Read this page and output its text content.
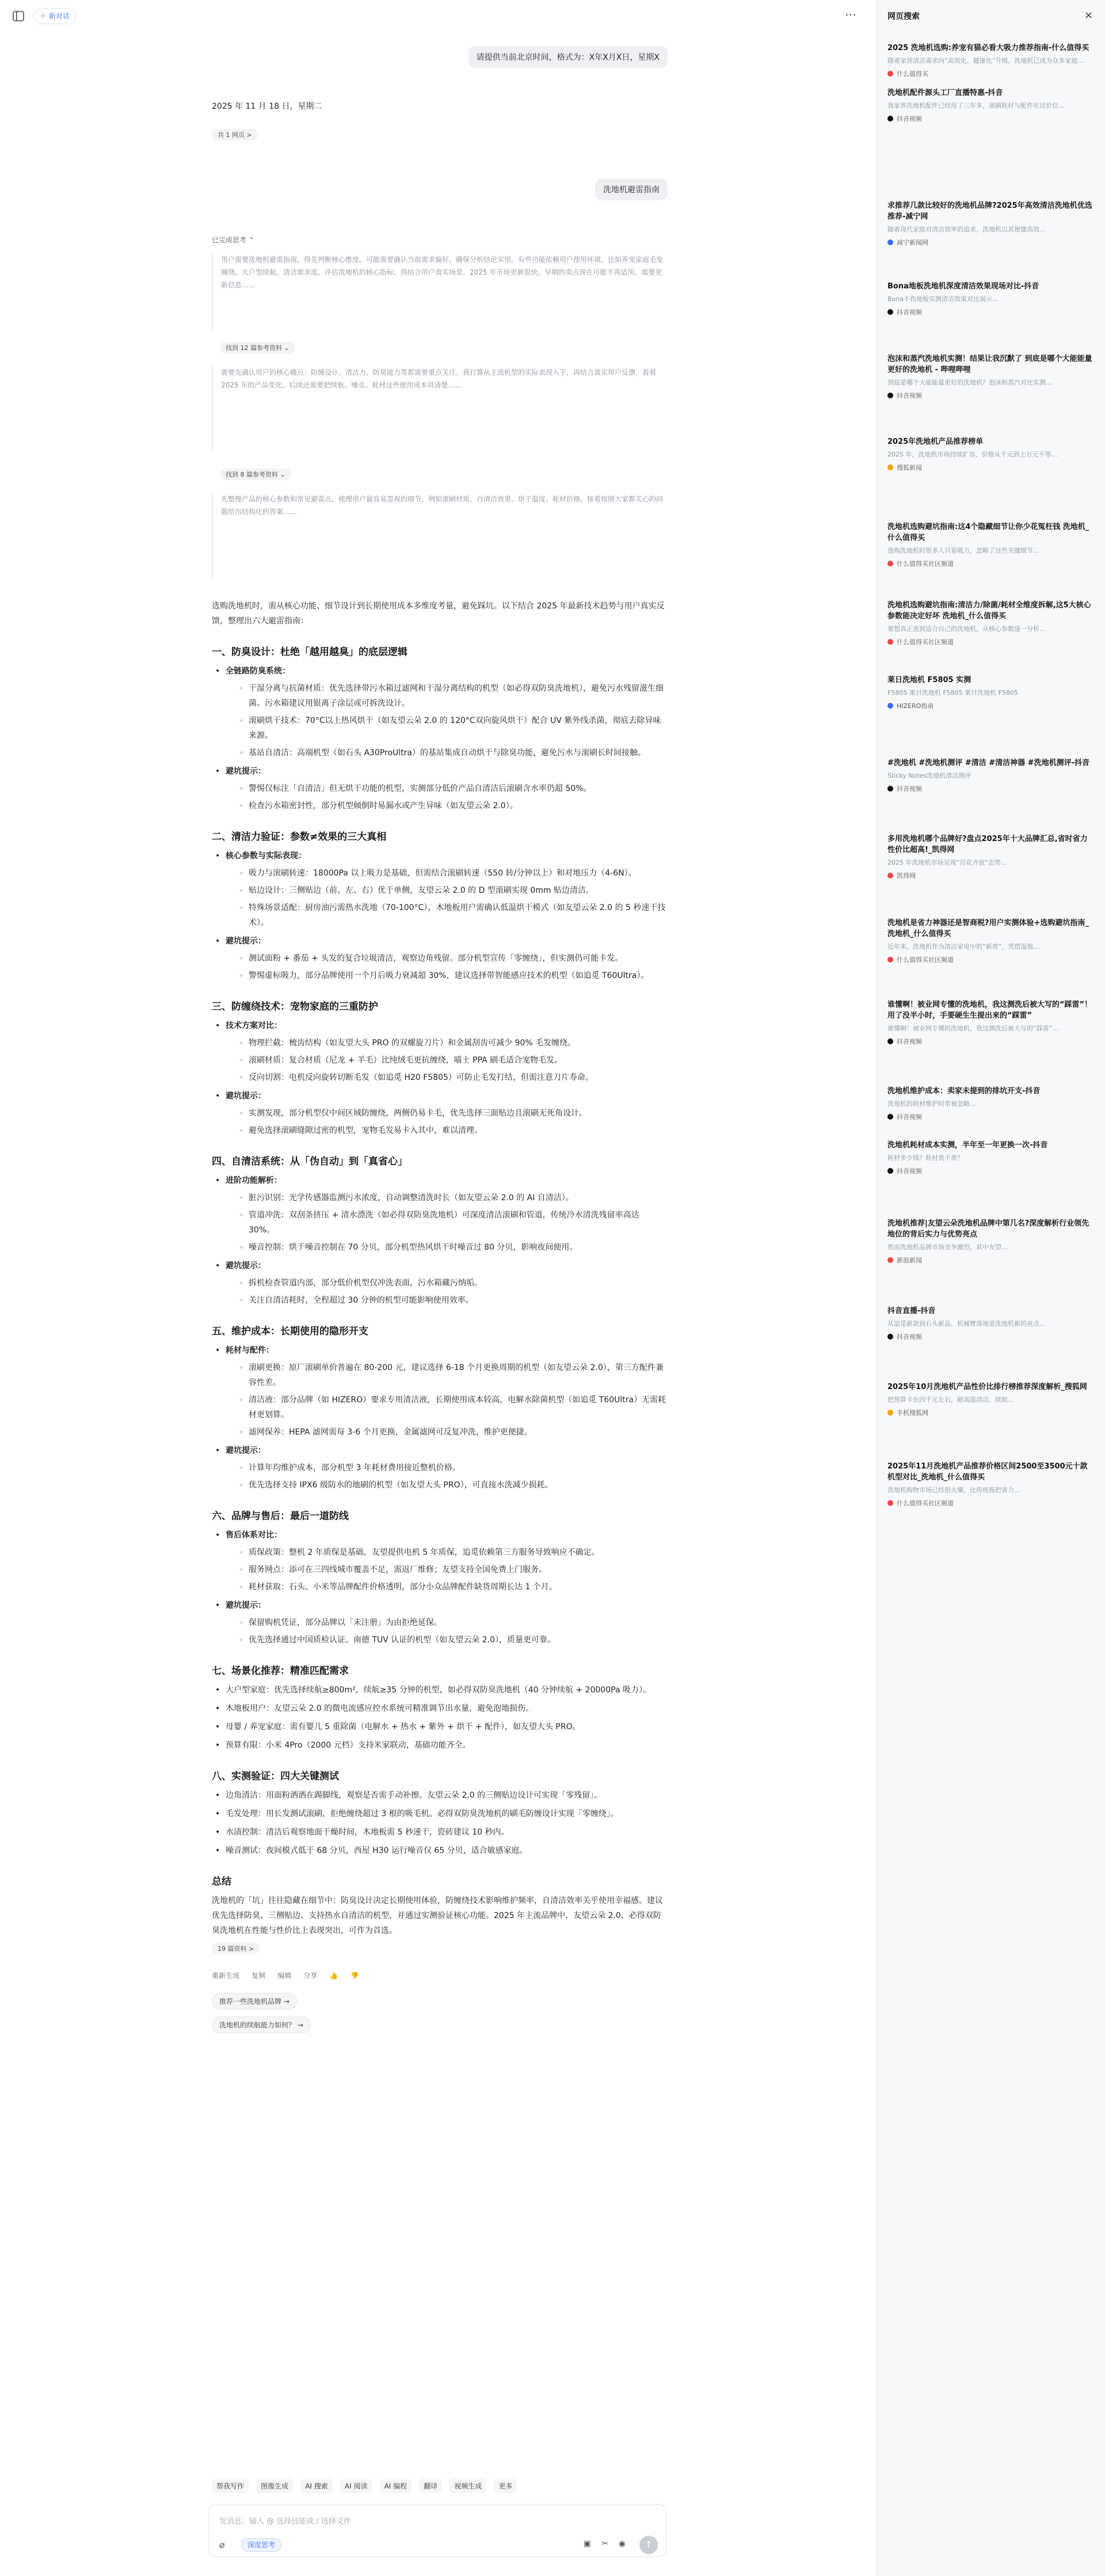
＋ 新对话	⋯
请提供当前北京时间，格式为：X年X月X日，星期X

2025 年 11 月 18 日，星期二

共 1 网页 >
洗地机避雷指南
已完成思考 ⌃
用户需要洗地机避雷指南，得先判断核心维度。可能需要确认当前需求偏好，确保分析结论实用。有些功能依赖用户使用环境，比如养宠家庭毛发缠绕、大户型续航、清洁需求度。评估洗地机的核心指标，得结合用户真实场景。2025 年市场更新很快，早期的卖点现在可能不再适用，需要更新信息……
找到 12 篇参考资料 ⌄
需要先确认用户的核心痛点：防缠设计、清洁力、防臭能力等都需要重点关注。我打算从主流机型的实际表现入手，再结合真实用户反馈，看看 2025 年的产品变化。后续还需要把续航、噪音、耗材这些使用成本讲清楚……
找到 8 篇参考资料 ⌄
先整理产品的核心参数和常见避雷点，梳理用户最容易忽视的细节，例如滚刷材质、自清洁效果、烘干温度、耗材价格。接着按照大家都关心的问题给出结构化的答案……

选购洗地机时，需从核心功能、细节设计到长期使用成本多维度考量，避免踩坑。以下结合 2025 年最新技术趋势与用户真实反馈，整理出六大避雷指南：

一、防臭设计：杜绝「越用越臭」的底层逻辑
• 全链路防臭系统：
◦ 干湿分离与抗菌材质：优先选择带污水箱过滤网和干湿分离结构的机型（如必得双防臭洗地机），避免污水残留滋生细菌。污水箱建议用银离子涂层或可拆洗设计。
◦ 滚刷烘干技术：70°C以上热风烘干（如友望云朵 2.0 的 120°C双向旋风烘干）配合 UV 紫外线杀菌，彻底去除异味来源。
◦ 基站自清洁：高端机型（如石头 A30ProUltra）的基站集成自动烘干与除臭功能，避免污水与滚刷长时间接触。
• 避坑提示：
◦ 警惕仅标注「自清洁」但无烘干功能的机型，实测部分低价产品自清洁后滚刷含水率仍超 50%。
◦ 检查污水箱密封性，部分机型倾倒时易漏水或产生异味（如友望云朵 2.0）。
二、清洁力验证：参数≠效果的三大真相
• 核心参数与实际表现：
◦ 吸力与滚刷转速：18000Pa 以上吸力是基础，但需结合滚刷转速（550 转/分钟以上）和对地压力（4-6N）。
◦ 贴边设计：三侧贴边（前、左、右）优于单侧，友望云朵 2.0 的 D 型滚刷实现 0mm 贴边清洁。
◦ 特殊场景适配：厨房油污需热水洗地（70-100°C），木地板用户需确认低温烘干模式（如友望云朵 2.0 的 5 秒速干技术）。
• 避坑提示：
◦ 测试面粉 + 番茄 + 头发的复合垃圾清洁，观察边角残留。部分机型宣传「零缠绕」，但实测仍可能卡发。
◦ 警惕虚标吸力，部分品牌使用一个月后吸力衰减超 30%，建议选择带智能感应技术的机型（如追觅 T60Ultra）。
三、防缠绕技术：宠物家庭的三重防护
• 技术方案对比：
◦ 物理拦截：梳齿结构（如友望大头 PRO 的双螺旋刀片）和金属刮齿可减少 90% 毛发缠绕。
◦ 滚刷材质：复合材质（尼龙 + 羊毛）比纯绒毛更抗缠绕，喵士 PPA 刷毛适合宠物毛发。
◦ 反向切割：电机反向旋转切断毛发（如追觅 H20 F5805）可防止毛发打结，但需注意刀片寿命。
• 避坑提示：
◦ 实测发现，部分机型仅中间区域防缠绕，两侧仍易卡毛，优先选择三面贴边且滚刷无死角设计。
◦ 避免选择滚刷缝隙过密的机型，宠物毛发易卡入其中，难以清理。
四、自清洁系统：从「伪自动」到「真省心」
• 进阶功能解析：
◦ 脏污识别：光学传感器监测污水浓度，自动调整清洗时长（如友望云朵 2.0 的 AI 自清洁）。
◦ 管道冲洗：双刮条挤压 + 清水漂洗（如必得双防臭洗地机）可深度清洁滚刷和管道，传统冷水清洗残留率高达 30%。
◦ 噪音控制：烘干噪音控制在 70 分贝，部分机型热风烘干时噪音过 80 分贝，影响夜间使用。
• 避坑提示：
◦ 拆机检查管道内部，部分低价机型仅冲洗表面，污水箱藏污纳垢。
◦ 关注自清洁耗时，全程超过 30 分钟的机型可能影响使用效率。
五、维护成本：长期使用的隐形开支
• 耗材与配件：
◦ 滚刷更换：原厂滚刷单价普遍在 80-200 元，建议选择 6-18 个月更换周期的机型（如友望云朵 2.0），第三方配件兼容性差。
◦ 清洁液：部分品牌（如 HIZERO）要求专用清洁液，长期使用成本较高，电解水除菌机型（如追觅 T60Ultra）无需耗材更划算。
◦ 滤网保养：HEPA 滤网需每 3-6 个月更换，金属滤网可反复冲洗，维护更便捷。
• 避坑提示：
◦ 计算年均维护成本，部分机型 3 年耗材费用接近整机价格。
◦ 优先选择支持 IPX6 级防水的地刷的机型（如友望大头 PRO），可直接水洗减少损耗。
六、品牌与售后：最后一道防线
• 售后体系对比：
◦ 质保政策：整机 2 年质保是基础，友望提供电机 5 年质保，追觅依赖第三方服务导致响应不确定。
◦ 服务网点：添可在三四线城市覆盖不足，需返厂维修；友望支持全国免费上门服务。
◦ 耗材获取：石头、小米等品牌配件价格透明，部分小众品牌配件缺货周期长达 1 个月。
• 避坑提示：
◦ 保留购机凭证，部分品牌以「未注册」为由拒绝延保。
◦ 优先选择通过中国质检认证、南德 TUV 认证的机型（如友望云朵 2.0），质量更可靠。
七、场景化推荐：精准匹配需求
• 大户型家庭：优先选择续航≥800m²，续航≥35 分钟的机型，如必得双防臭洗地机（40 分钟续航 + 20000Pa 吸力）。
• 木地板用户：友望云朵 2.0 的微电流感应控水系统可精准调节出水量，避免泡地损伤。
• 母婴 / 养宠家庭：需有婴儿 5 重除菌（电解水 + 热水 + 紫外 + 烘干 + 配件），如友望大头 PRO。
• 预算有限：小米 4Pro（2000 元档）支持米家联动，基础功能齐全。
八、实测验证：四大关键测试
• 边角清洁：用面粉洒洒在踢脚线，观察是否需手动补擦。友望云朵 2.0 的三侧贴边设计可实现「零残留」。
• 毛发处理：用长发测试滚刷，拒绝缠绕超过 3 根的吸毛机。必得双防臭洗地机的刷毛防缠设计实现「零缠绕」。
• 水渍控制：清洁后观察地面干燥时间，木地板需 5 秒速干，瓷砖建议 10 秒内。
• 噪音测试：夜间模式低于 68 分贝，西屋 H30 运行噪音仅 65 分贝，适合敏感家庭。
总结

洗地机的「坑」往往隐藏在细节中：防臭设计决定长期使用体验，防缠绕技术影响维护频率，自清洁效率关乎使用幸福感。建议优先选择防臭、三侧贴边、支持热水自清洁的机型，并通过实测验证核心功能。2025 年主流品牌中，友望云朵 2.0、必得双防臭洗地机在性能与性价比上表现突出，可作为首选。

19 篇资料 >
重新生成 复制 编辑 分享 👍 👎
推荐一些洗地机品牌 →
洗地机的续航能力如何？ →
帮我写作 图像生成 AI 搜索 AI 阅读 AI 编程 翻译 视频生成 更多
发消息、输入 @ 选择技能或 / 选择文件
⌀	深度思考	▣ ✂ ◉	↑
网页搜索	×
2025 洗地机选购:养宠有猫必看大吸力推荐指南-什么值得买
随着家居清洁需求向“高效化、健康化”升级，洗地机已成为众多家庭…
什么值得买
洗地机配件源头工厂直播特惠-抖音
我家养洗地机配件已经用了三年多，滚刷耗材与配件在这价位…
抖音视频
求推荐几款比较好的洗地机品牌?2025年高效清洁洗地机优选推荐-减宁网
随着现代家庭对清洁效率的追求，洗地机以其便捷高效…
减宁新闻网
Bona地板洗地机深度清洁效果现场对比-抖音
Bona不伤地板实测清洁效果对比展示…
抖音视频
泡沫和蒸汽洗地机实测！结果让我沉默了 到底是哪个大能能量更好的洗地机 - 哔哩哔哩
到底是哪个大能能量更好的洗地机？泡沫和蒸汽对比实测…
抖音视频
2025年洗地机产品推荐榜单
2025 年，洗地机市场持续扩容，价格从千元到上万元不等…
搜狐新闻
洗地机选购避坑指南:这4个隐藏细节让你少花冤枉钱 洗地机_什么值得买
选购洗地机时很多人只看吸力，忽略了这些关键细节…
什么值得买社区频道
洗地机选购避坑指南:清洁力/除菌/耗材全维度拆解,这5大核心参数能决定好坏 洗地机_什么值得买
要想真正选到适合自己的洗地机，从核心参数逐一分析…
什么值得买社区频道
莱日洗地机 F5805 实测
F5805 莱日洗地机 F5805 莱日洗地机 F5805
HIZERO指南
#洗地机 #洗地机测评 #清洁 #清洁神器 #洗地机测评-抖音
Sticky Notes洗地机清洁测评
抖音视频
多用洗地机哪个品牌好?盘点2025年十大品牌汇总,省时省力性价比超高!_凯得网
2025 年洗地机市场呈现“百花齐放”态势…
凯得网
洗地机是省力神器还是智商税?用户实测体验+选购避坑指南_洗地机_什么值得买
近年来，洗地机作为清洁家电中的“新贵”，凭借湿拖…
什么值得买社区频道
谁懂啊！被业网专懂的洗地机，我这测洗后被大写的“踩雷”！ 用了没半小时，手要硬生生提出来的“踩雷”
谁懂啊！被业网专懂的洗地机，我这测洗后被大写的“踩雷”…
抖音视频
洗地机维护成本：卖家未提到的排坑开支-抖音
洗地机的耗材维护时常被忽略…
抖音视频
洗地机耗材成本实测，半年至一年更换一次-抖音
耗材多少钱？耗材贵不贵？
抖音视频
洗地机推荐|友望云朵洗地机品牌中第几名?深度解析行业领先地位的背后实力与优势亮点
然而洗地机品牌市场竞争激烈，其中友望…
新浪新闻
抖音直播-抖音
从追觅新款到石头新品，机械臂落地是洗地机新的亮点…
抖音视频
2025年10月洗地机产品性价比排行榜推荐深度解析_搜狐网
把预算卡在四千元左右，耐高温清洁、续航…
手机搜狐网
2025年11月洗地机产品推荐价格区间2500至3500元十款机型对比_洗地机_什么值得买
洗地机购物市场已经很火爆，比传统拖把省力…
什么值得买社区频道
